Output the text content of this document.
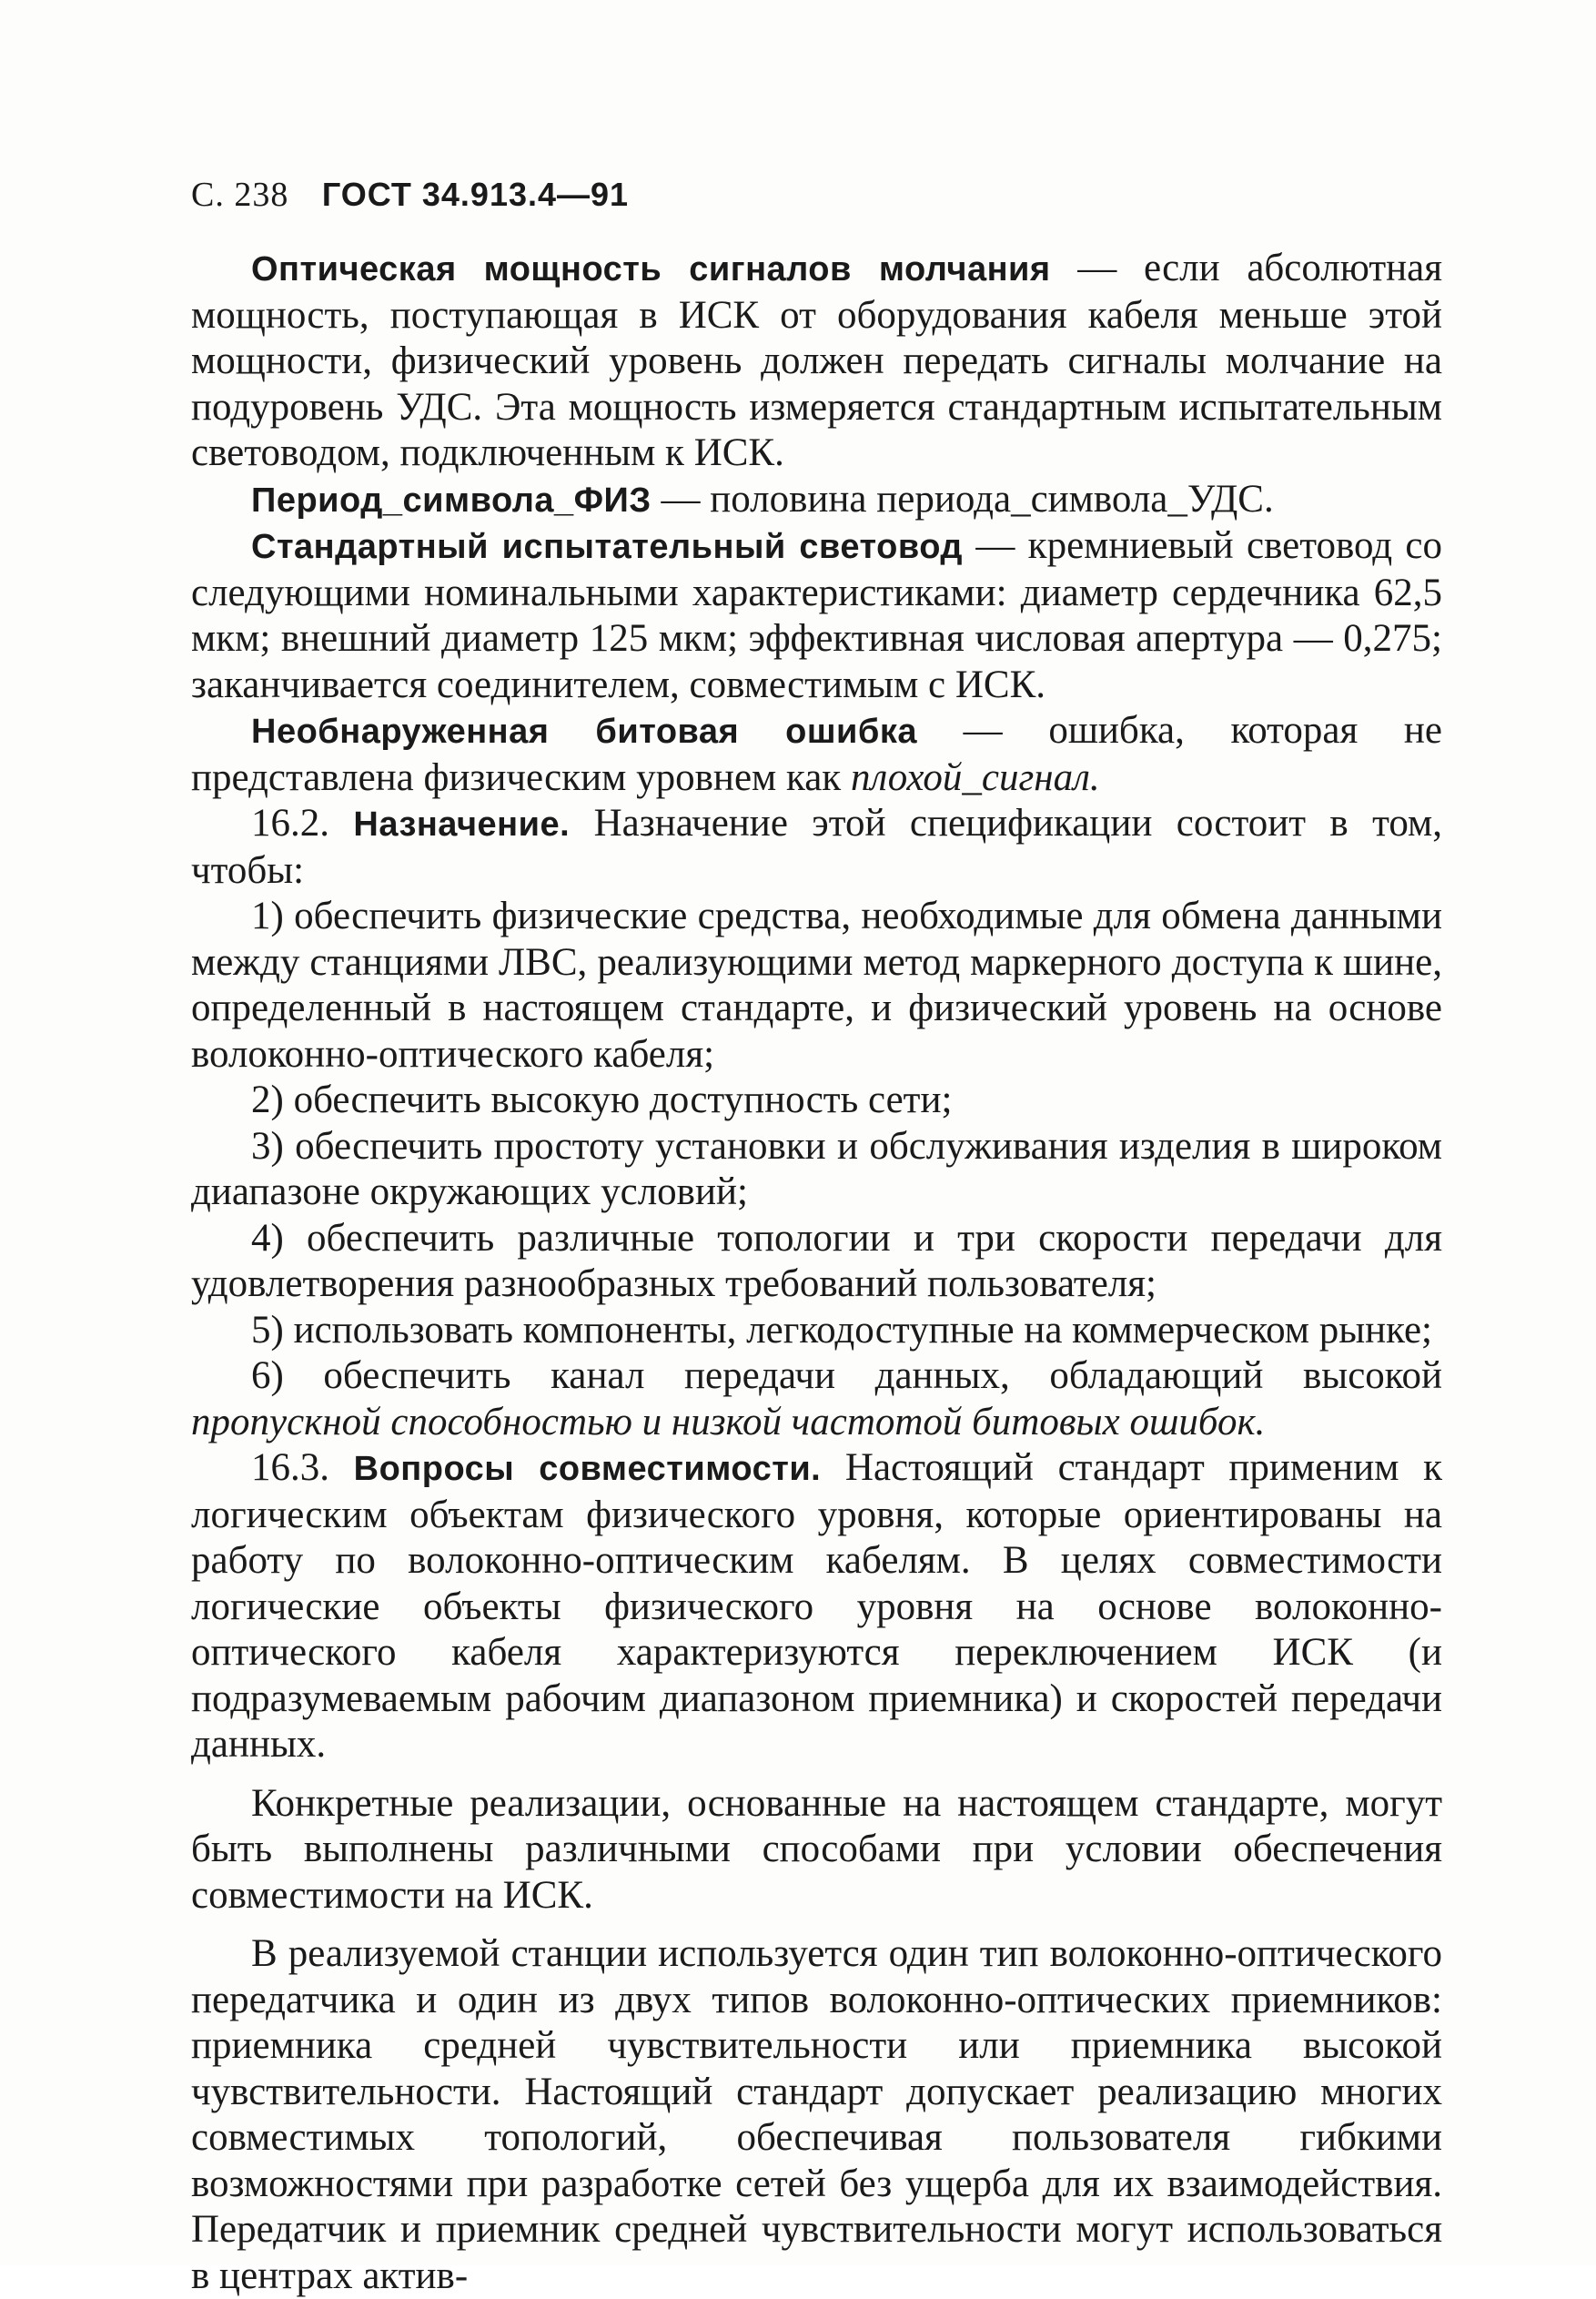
С. 238 ГОСТ 34.913.4—91

Оптическая мощность сигналов молчания — если абсолютная мощность, поступающая в ИСК от оборудования кабеля меньше этой мощности, физический уровень должен передать сигналы молчание на подуровень УДС. Эта мощность измеряется стандартным испытательным световодом, подключенным к ИСК.

Период_символа_ФИЗ — половина периода_символа_УДС.

Стандартный испытательный световод — кремниевый световод со следующими номинальными характеристиками: диаметр сердечника 62,5 мкм; внешний диаметр 125 мкм; эффективная числовая апертура — 0,275; заканчивается соединителем, совместимым с ИСК.

Необнаруженная битовая ошибка — ошибка, которая не представлена физическим уровнем как плохой_сигнал.

16.2. Назначение. Назначение этой спецификации состоит в том, чтобы:

1) обеспечить физические средства, необходимые для обмена данными между станциями ЛВС, реализующими метод маркерного доступа к шине, определенный в настоящем стандарте, и физический уровень на основе волоконно-оптического кабеля;

2) обеспечить высокую доступность сети;

3) обеспечить простоту установки и обслуживания изделия в широком диапазоне окружающих условий;

4) обеспечить различные топологии и три скорости передачи для удовлетворения разнообразных требований пользователя;

5) использовать компоненты, легкодоступные на коммерческом рынке;

6) обеспечить канал передачи данных, обладающий высокой пропускной способностью и низкой частотой битовых ошибок.

16.3. Вопросы совместимости. Настоящий стандарт применим к логическим объектам физического уровня, которые ориентированы на работу по волоконно-оптическим кабелям. В целях совместимости логические объекты физического уровня на основе волоконно-оптического кабеля характеризуются переключением ИСК (и подразумеваемым рабочим диапазоном приемника) и скоростей передачи данных.

Конкретные реализации, основанные на настоящем стандарте, могут быть выполнены различными способами при условии обеспечения совместимости на ИСК.

В реализуемой станции используется один тип волоконно-оптического передатчика и один из двух типов волоконно-оптических приемников: приемника средней чувствительности или приемника высокой чувствительности. Настоящий стандарт допускает реализацию многих совместимых топологий, обеспечивая пользователя гибкими возможностями при разработке сетей без ущерба для их взаимодействия. Передатчик и приемник средней чувствительности могут использоваться в центрах актив-
